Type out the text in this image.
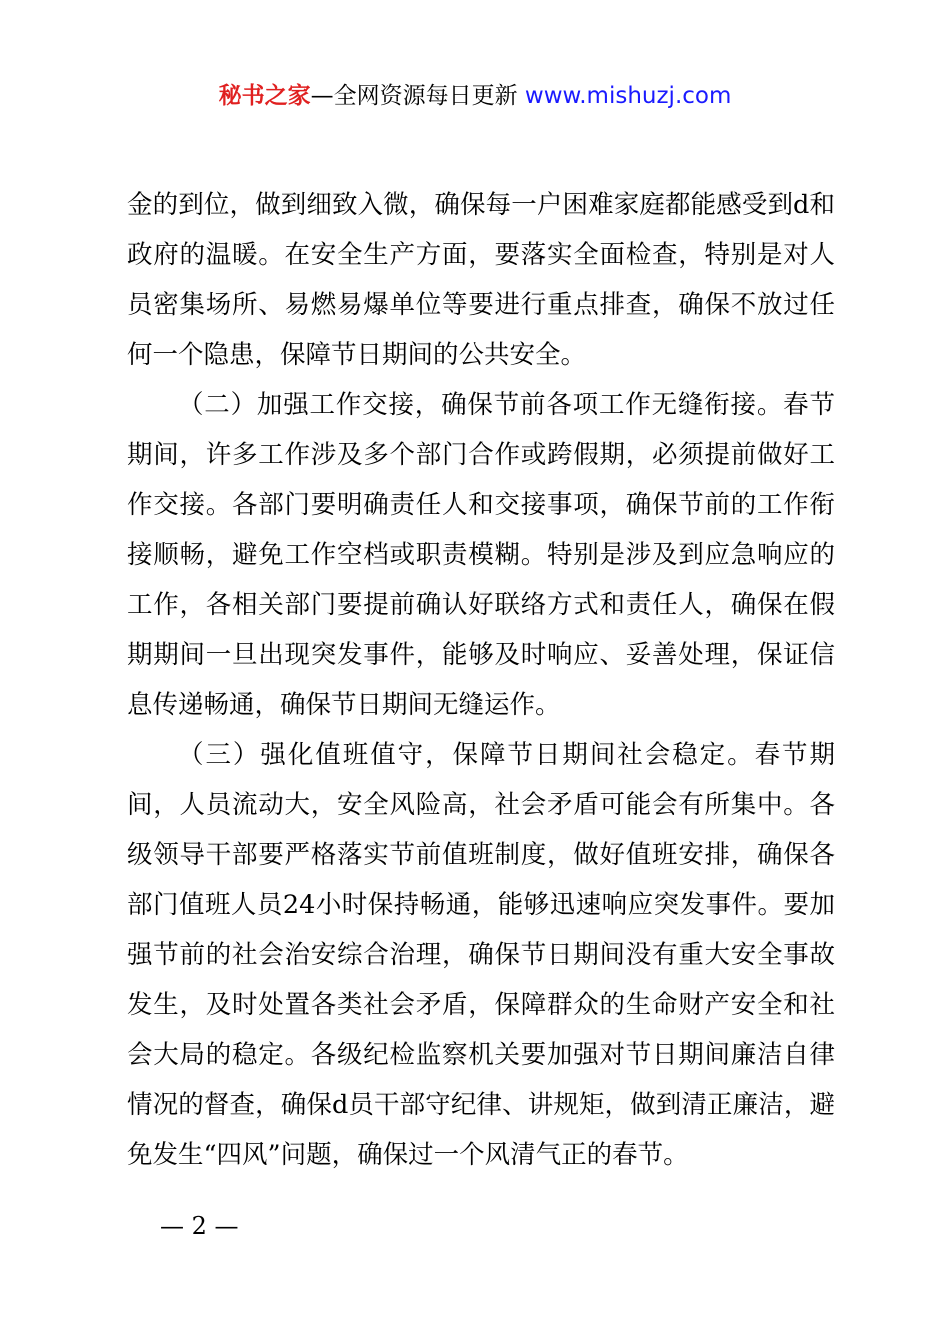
秘书之家—全网资源每日更新 www.mishuzj.com

金的到位，做到细致入微，确保每一户困难家庭都能感受到d和政府的温暖。在安全生产方面，要落实全面检查，特别是对人员密集场所、易燃易爆单位等要进行重点排查，确保不放过任何一个隐患，保障节日期间的公共安全。

（二）加强工作交接，确保节前各项工作无缝衔接。春节期间，许多工作涉及多个部门合作或跨假期，必须提前做好工作交接。各部门要明确责任人和交接事项，确保节前的工作衔接顺畅，避免工作空档或职责模糊。特别是涉及到应急响应的工作，各相关部门要提前确认好联络方式和责任人，确保在假期期间一旦出现突发事件，能够及时响应、妥善处理，保证信息传递畅通，确保节日期间无缝运作。

（三）强化值班值守，保障节日期间社会稳定。春节期间，人员流动大，安全风险高，社会矛盾可能会有所集中。各级领导干部要严格落实节前值班制度，做好值班安排，确保各部门值班人员24小时保持畅通，能够迅速响应突发事件。要加强节前的社会治安综合治理，确保节日期间没有重大安全事故发生，及时处置各类社会矛盾，保障群众的生命财产安全和社会大局的稳定。各级纪检监察机关要加强对节日期间廉洁自律情况的督查，确保d员干部守纪律、讲规矩，做到清正廉洁，避免发生“四风”问题，确保过一个风清气正的春节。

— 2 —
